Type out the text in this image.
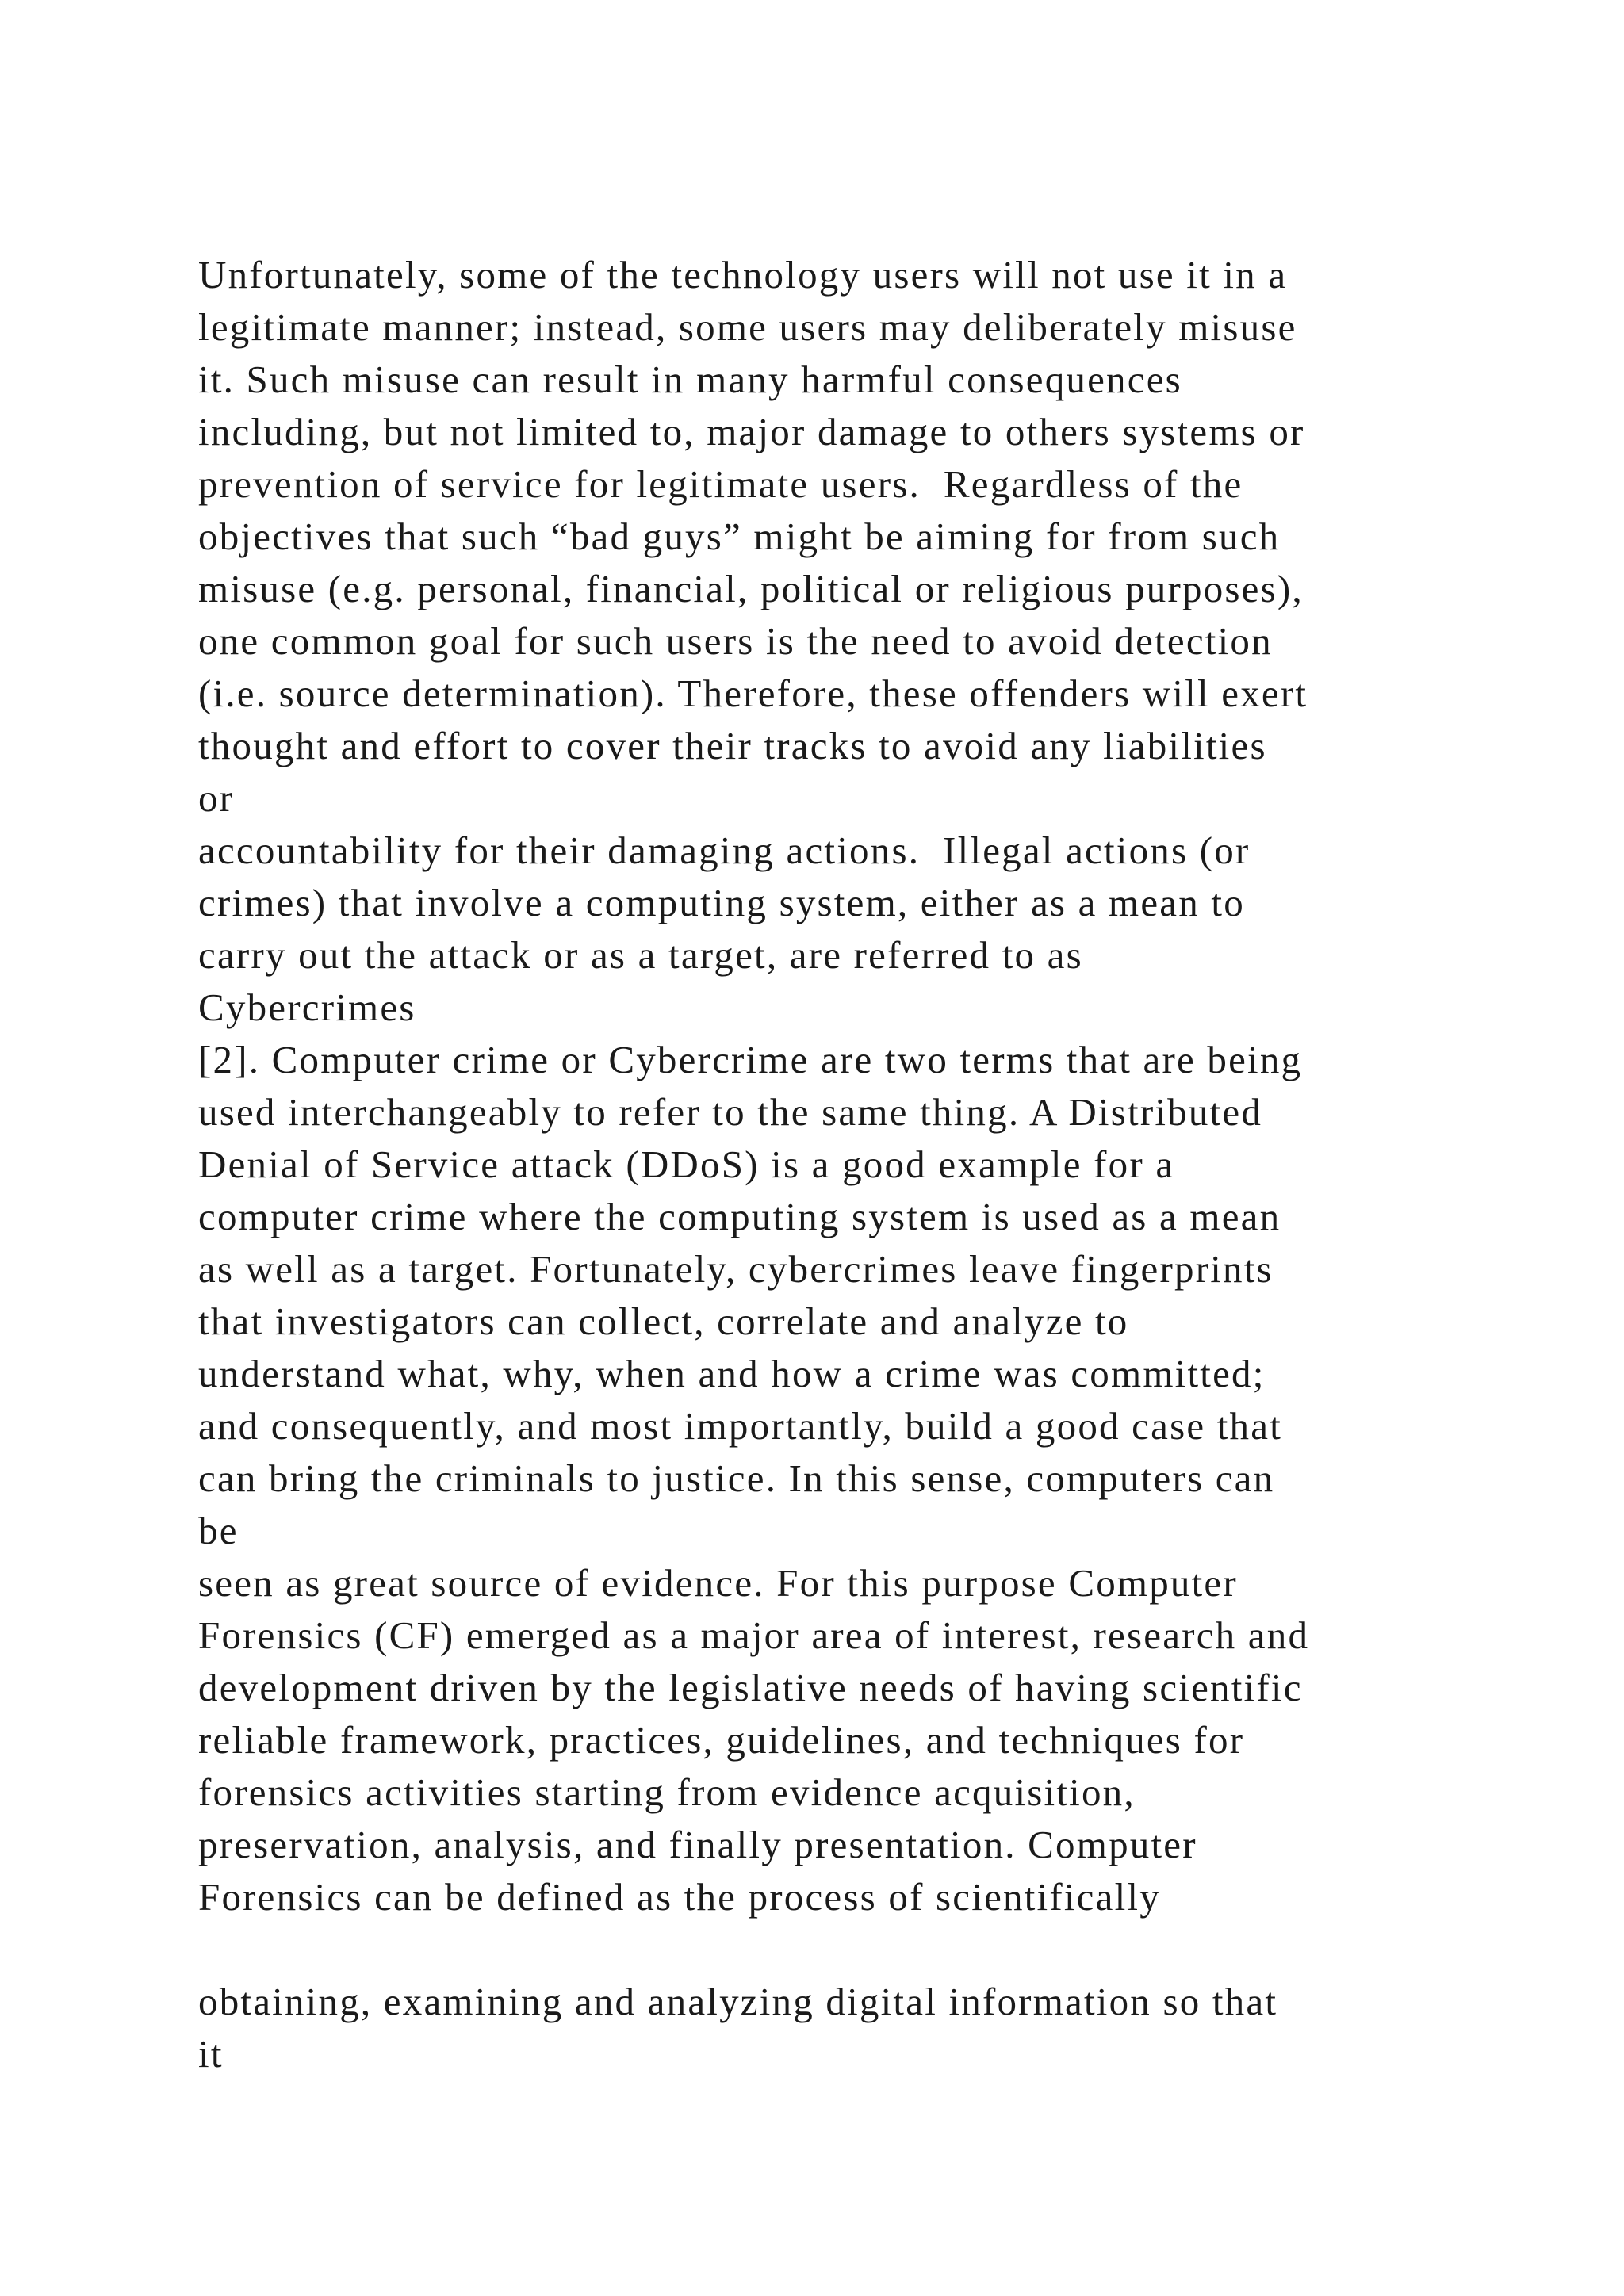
Unfortunately, some of the technology users will not use it in a
legitimate manner; instead, some users may deliberately misuse
it. Such misuse can result in many harmful consequences
including, but not limited to, major damage to others systems or
prevention of service for legitimate users.  Regardless of the
objectives that such “bad guys” might be aiming for from such
misuse (e.g. personal, financial, political or religious purposes),
one common goal for such users is the need to avoid detection
(i.e. source determination). Therefore, these offenders will exert
thought and effort to cover their tracks to avoid any liabilities
or
accountability for their damaging actions.  Illegal actions (or
crimes) that involve a computing system, either as a mean to
carry out the attack or as a target, are referred to as
Cybercrimes
[2]. Computer crime or Cybercrime are two terms that are being
used interchangeably to refer to the same thing. A Distributed
Denial of Service attack (DDoS) is a good example for a
computer crime where the computing system is used as a mean
as well as a target. Fortunately, cybercrimes leave fingerprints
that investigators can collect, correlate and analyze to
understand what, why, when and how a crime was committed;
and consequently, and most importantly, build a good case that
can bring the criminals to justice. In this sense, computers can
be
seen as great source of evidence. For this purpose Computer
Forensics (CF) emerged as a major area of interest, research and
development driven by the legislative needs of having scientific
reliable framework, practices, guidelines, and techniques for
forensics activities starting from evidence acquisition,
preservation, analysis, and finally presentation. Computer
Forensics can be defined as the process of scientifically
obtaining, examining and analyzing digital information so that
it
